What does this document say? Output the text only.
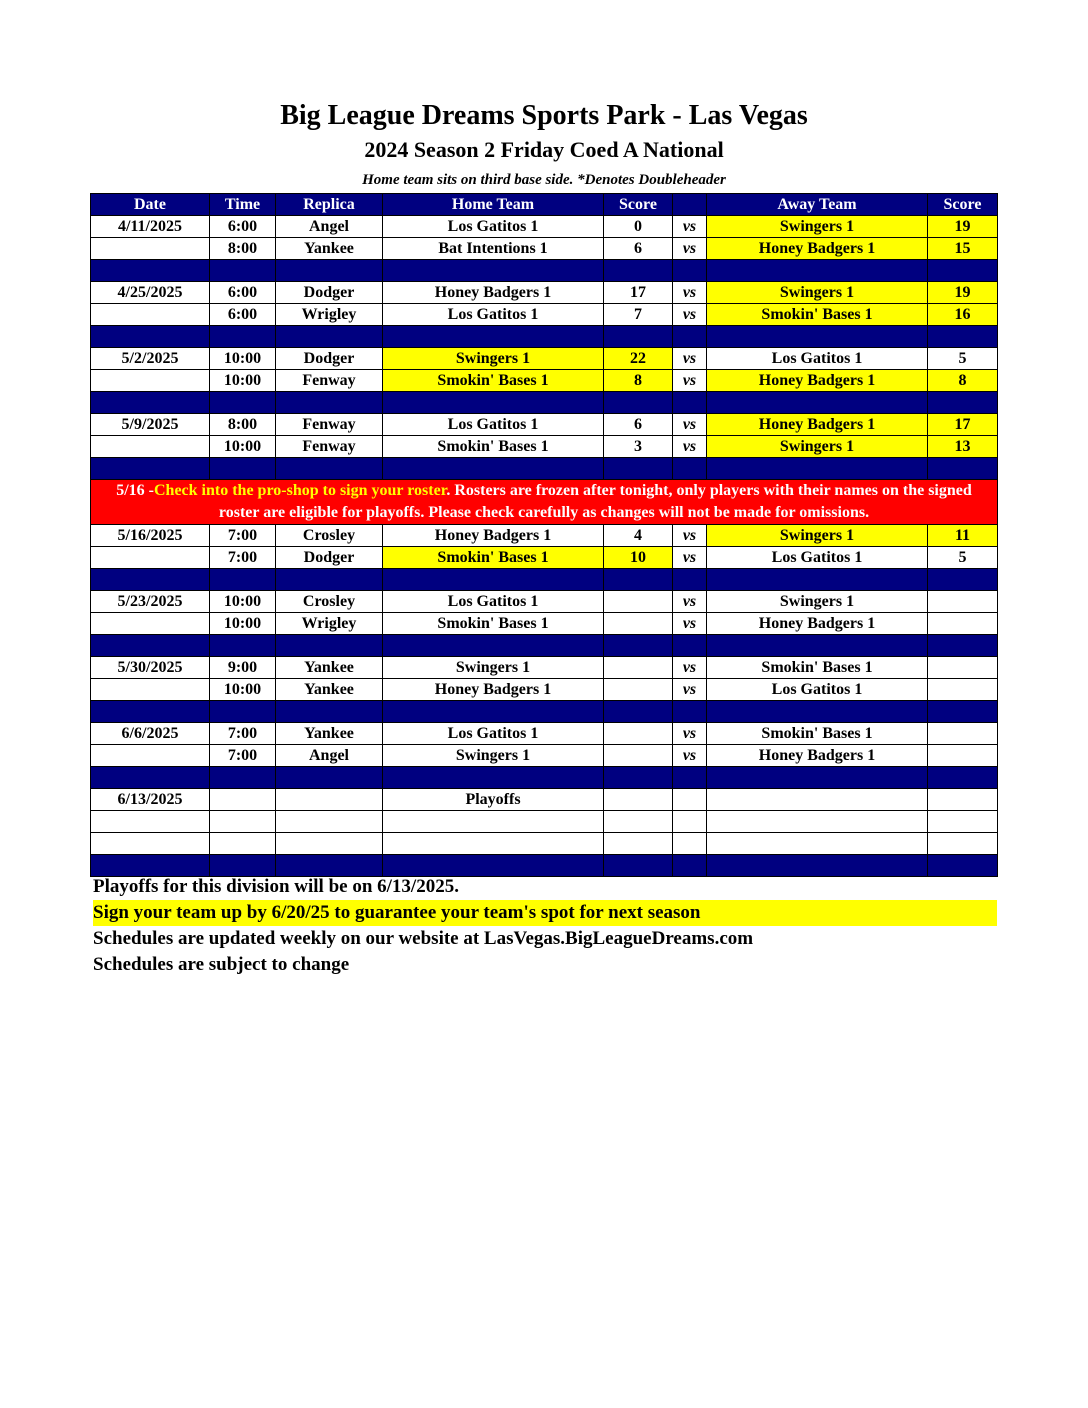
Big League Dreams Sports Park - Las Vegas
2024 Season 2 Friday Coed A National
Home team sits on third base side. *Denotes Doubleheader
Date	Time	Replica	Home Team	Score		Away Team	Score
4/11/2025	6:00	Angel	Los Gatitos 1	0	vs	Swingers 1	19
	8:00	Yankee	Bat Intentions 1	6	vs	Honey Badgers 1	15

4/25/2025	6:00	Dodger	Honey Badgers 1	17	vs	Swingers 1	19
	6:00	Wrigley	Los Gatitos 1	7	vs	Smokin' Bases 1	16

5/2/2025	10:00	Dodger	Swingers 1	22	vs	Los Gatitos 1	5
	10:00	Fenway	Smokin' Bases 1	8	vs	Honey Badgers 1	8

5/9/2025	8:00	Fenway	Los Gatitos 1	6	vs	Honey Badgers 1	17
	10:00	Fenway	Smokin' Bases 1	3	vs	Swingers 1	13

5/16 -Check into the pro-shop to sign your roster. Rosters are frozen after tonight, only players with their names on the signed roster are eligible for playoffs. Please check carefully as changes will not be made for omissions.							
5/16/2025	7:00	Crosley	Honey Badgers 1	4	vs	Swingers 1	11
	7:00	Dodger	Smokin' Bases 1	10	vs	Los Gatitos 1	5

5/23/2025	10:00	Crosley	Los Gatitos 1		vs	Swingers 1	
	10:00	Wrigley	Smokin' Bases 1		vs	Honey Badgers 1	

5/30/2025	9:00	Yankee	Swingers 1		vs	Smokin' Bases 1	
	10:00	Yankee	Honey Badgers 1		vs	Los Gatitos 1	

6/6/2025	7:00	Yankee	Los Gatitos 1		vs	Smokin' Bases 1	
	7:00	Angel	Swingers 1		vs	Honey Badgers 1	

6/13/2025			Playoffs				

Playoffs for this division will be on 6/13/2025.
Sign your team up by 6/20/25 to guarantee your team's spot for next season
Schedules are updated weekly on our website at LasVegas.BigLeagueDreams.com
Schedules are subject to change
